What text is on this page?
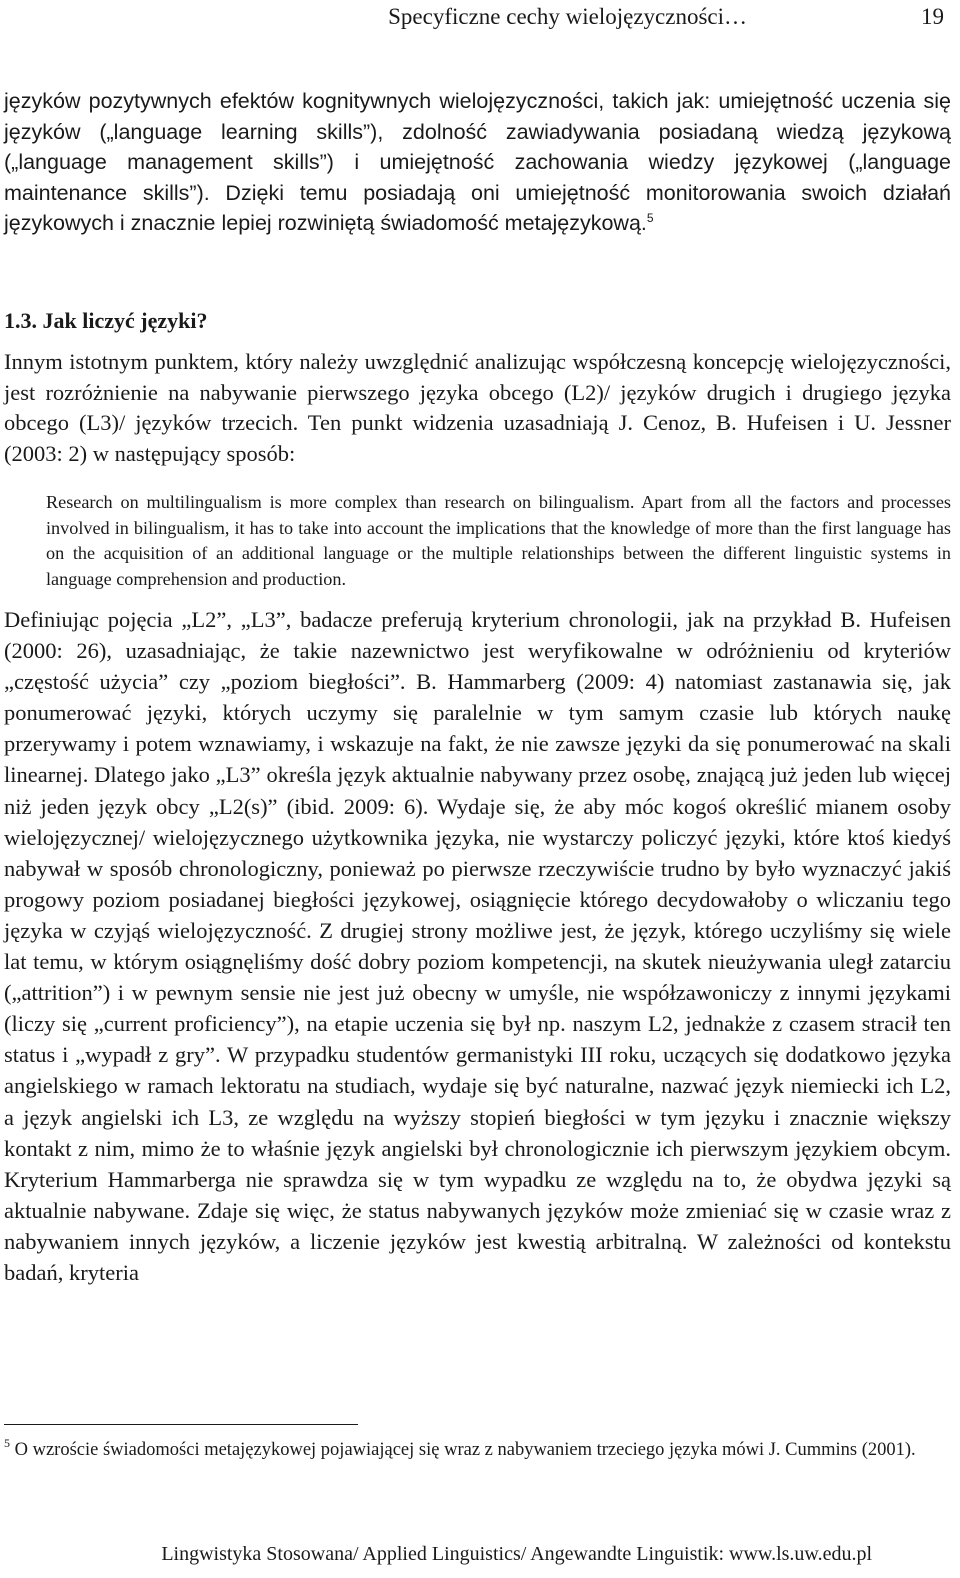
Specyficzne cechy wielojęzyczności…	19
języków pozytywnych efektów kognitywnych wielojęzyczności, takich jak: umiejętność uczenia się języków („language learning skills”), zdolność zawiadywania posiadaną wiedzą językową („language management skills”) i umiejętność zachowania wiedzy językowej („language maintenance skills”). Dzięki temu posiadają oni umiejętność monitorowania swoich działań językowych i znacznie lepiej rozwiniętą świadomość metajęzykową.$^5$
1.3. Jak liczyć języki?
Innym istotnym punktem, który należy uwzględnić analizując współczesną koncepcję wielojęzyczności, jest rozróżnienie na nabywanie pierwszego języka obcego (L2)/ języków drugich i drugiego języka obcego (L3)/ języków trzecich. Ten punkt widzenia uzasadniają J. Cenoz, B. Hufeisen i U. Jessner (2003: 2) w następujący sposób:
Research on multilingualism is more complex than research on bilingualism. Apart from all the factors and processes involved in bilingualism, it has to take into account the implications that the knowledge of more than the first language has on the acquisition of an additional language or the multiple relationships between the different linguistic systems in language comprehension and production.
Definiując pojęcia „L2”, „L3”, badacze preferują kryterium chronologii, jak na przykład B. Hufeisen (2000: 26), uzasadniając, że takie nazewnictwo jest weryfikowalne w odróżnieniu od kryteriów „częstość użycia” czy „poziom biegłości”. B. Hammarberg (2009: 4) natomiast zastanawia się, jak ponumerować języki, których uczymy się paralelnie w tym samym czasie lub których naukę przerywamy i potem wznawiamy, i wskazuje na fakt, że nie zawsze języki da się ponumerować na skali linearnej. Dlatego jako „L3” określa język aktualnie nabywany przez osobę, znającą już jeden lub więcej niż jeden język obcy „L2(s)” (ibid. 2009: 6). Wydaje się, że aby móc kogoś określić mianem osoby wielojęzycznej/ wielojęzycznego użytkownika języka, nie wystarczy policzyć języki, które ktoś kiedyś nabywał w sposób chronologiczny, ponieważ po pierwsze rzeczywiście trudno by było wyznaczyć jakiś progowy poziom posiadanej biegłości językowej, osiągnięcie którego decydowałoby o wliczaniu tego języka w czyjąś wielojęzyczność. Z drugiej strony możliwe jest, że język, którego uczyliśmy się wiele lat temu, w którym osiągnęliśmy dość dobry poziom kompetencji, na skutek nieużywania uległ zatarciu („attrition”) i w pewnym sensie nie jest już obecny w umyśle, nie współzawoniczy z innymi językami (liczy się „current proficiency”), na etapie uczenia się był np. naszym L2, jednakże z czasem stracił ten status i „wypadł z gry”. W przypadku studentów germanistyki III roku, uczących się dodatkowo języka angielskiego w ramach lektoratu na studiach, wydaje się być naturalne, nazwać język niemiecki ich L2, a język angielski ich L3, ze względu na wyższy stopień biegłości w tym języku i znacznie większy kontakt z nim, mimo że to właśnie język angielski był chronologicznie ich pierwszym językiem obcym. Kryterium Hammarberga nie sprawdza się w tym wypadku ze względu na to, że obydwa języki są aktualnie nabywane. Zdaje się więc, że status nabywanych języków może zmieniać się w czasie wraz z nabywaniem innych języków, a liczenie języków jest kwestią arbitralną. W zależności od kontekstu badań, kryteria
$^5$ O wzroście świadomości metajęzykowej pojawiającej się wraz z nabywaniem trzeciego języka mówi J. Cummins (2001).
Lingwistyka Stosowana/ Applied Linguistics/ Angewandte Linguistik: www.ls.uw.edu.pl
